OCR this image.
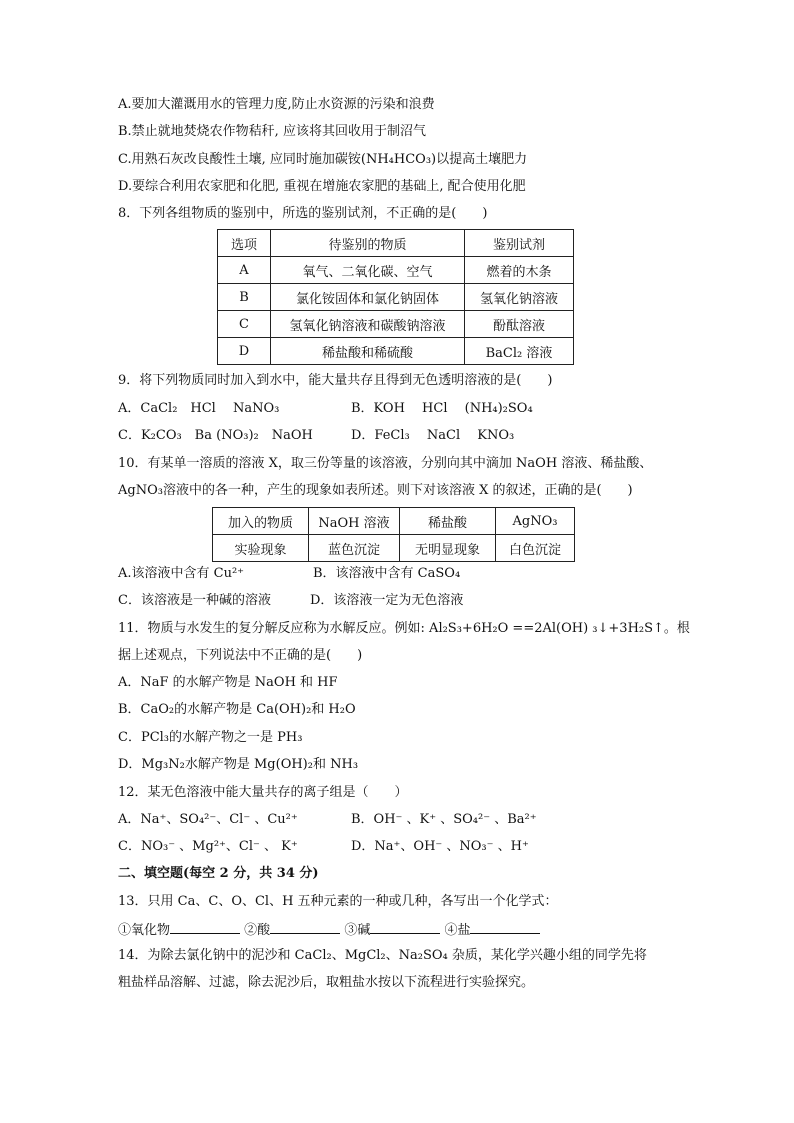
A.要加大灌溉用水的管理力度,防止水资源的污染和浪费
B.禁止就地焚烧农作物秸秆, 应该将其回收用于制沼气
C.用熟石灰改良酸性土壤, 应同时施加碳铵(NH₄HCO₃)以提高土壤肥力
D.要综合利用农家肥和化肥, 重视在增施农家肥的基础上, 配合使用化肥
8．下列各组物质的鉴别中，所选的鉴别试剂，不正确的是(　　)
选项	待鉴别的物质	鉴别试剂
A	氧气、二氧化碳、空气	燃着的木条
B	氯化铵固体和氯化钠固体	氢氧化钠溶液
C	氢氧化钠溶液和碳酸钠溶液	酚酞溶液
D	稀盐酸和稀硫酸	BaCl₂ 溶液
9．将下列物质同时加入到水中，能大量共存且得到无色透明溶液的是(　　)
A．CaCl₂　HCl　 NaNO₃	B．KOH　 HCl　 (NH₄)₂SO₄
C．K₂CO₃　Ba (NO₃)₂　NaOH	D．FeCl₃　 NaCl　 KNO₃
10．有某单一溶质的溶液 X，取三份等量的该溶液，分别向其中滴加 NaOH 溶液、稀盐酸、
AgNO₃溶液中的各一种，产生的现象如表所述。则下对该溶液 X 的叙述，正确的是(　　)
加入的物质	NaOH 溶液	稀盐酸	AgNO₃
实验现象	蓝色沉淀	无明显现象	白色沉淀
A.该溶液中含有 Cu²⁺	B．该溶液中含有 CaSO₄
C．该溶液是一种碱的溶液	D．该溶液一定为无色溶液
11．物质与水发生的复分解反应称为水解反应。例如: Al₂S₃+6H₂O ==2Al(OH) ₃↓+3H₂S↑。根
据上述观点，下列说法中不正确的是(　　)
A．NaF 的水解产物是 NaOH 和 HF
B．CaO₂的水解产物是 Ca(OH)₂和 H₂O
C．PCl₃的水解产物之一是 PH₃
D．Mg₃N₂水解产物是 Mg(OH)₂和 NH₃
12．某无色溶液中能大量共存的离子组是（　　）
A．Na⁺、SO₄²⁻、Cl⁻ 、Cu²⁺	B．OH⁻ 、K⁺ 、SO₄²⁻ 、Ba²⁺
C．NO₃⁻ 、Mg²⁺、Cl⁻ 、 K⁺	D．Na⁺、OH⁻ 、NO₃⁻ 、H⁺
二、填空题(每空 2 分，共 34 分)
13．只用 Ca、C、O、Cl、H 五种元素的一种或几种，各写出一个化学式：
①氧化物	②酸	③碱	④盐
14．为除去氯化钠中的泥沙和 CaCl₂、MgCl₂、Na₂SO₄ 杂质，某化学兴趣小组的同学先将
粗盐样品溶解、过滤，除去泥沙后，取粗盐水按以下流程进行实验探究。
